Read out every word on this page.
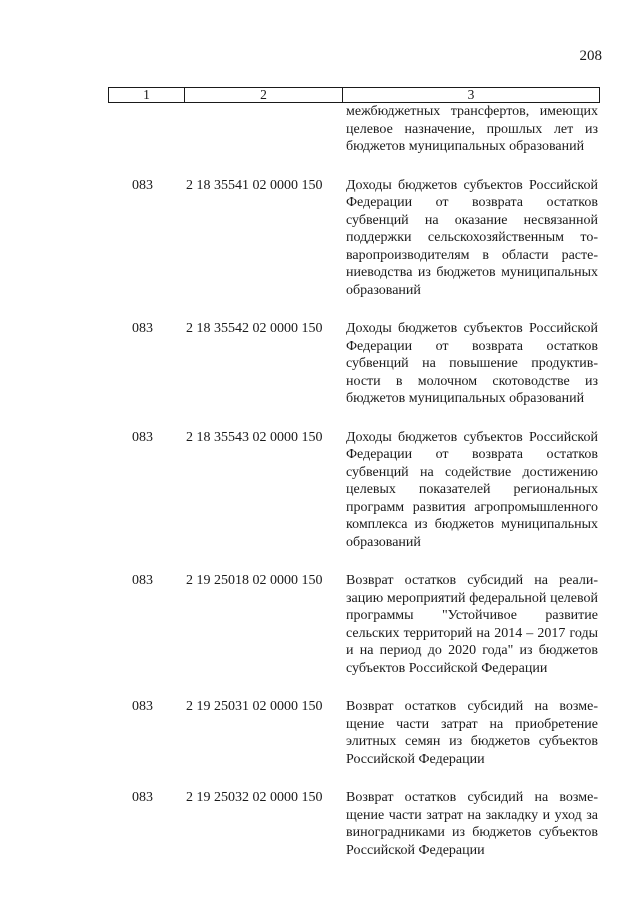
208
1	2	3
межбюджетных трансфертов, имеющих целевое назначение, прошлых лет из бюджетов муниципальных образований
083 2 18 35541 02 0000 150 Доходы бюджетов субъектов Российской Федерации от возврата остатков субвенций на оказание несвязанной поддержки сельскохозяйственным товаропроизводителям в области растениеводства из бюджетов муниципальных образований
083 2 18 35542 02 0000 150 Доходы бюджетов субъектов Российской Федерации от возврата остатков субвенций на повышение продуктивности в молочном скотоводстве из бюджетов муниципальных образований
083 2 18 35543 02 0000 150 Доходы бюджетов субъектов Российской Федерации от возврата остатков субвенций на содействие достижению целевых показателей региональных программ развития агропромышленного комплекса из бюджетов муниципальных образований
083 2 19 25018 02 0000 150 Возврат остатков субсидий на реализацию мероприятий федеральной целевой программы "Устойчивое развитие сельских территорий на 2014 – 2017 годы и на период до 2020 года" из бюджетов субъектов Российской Федерации
083 2 19 25031 02 0000 150 Возврат остатков субсидий на возмещение части затрат на приобретение элитных семян из бюджетов субъектов Российской Федерации
083 2 19 25032 02 0000 150 Возврат остатков субсидий на возмещение части затрат на закладку и уход за виноградниками из бюджетов субъектов Российской Федерации
